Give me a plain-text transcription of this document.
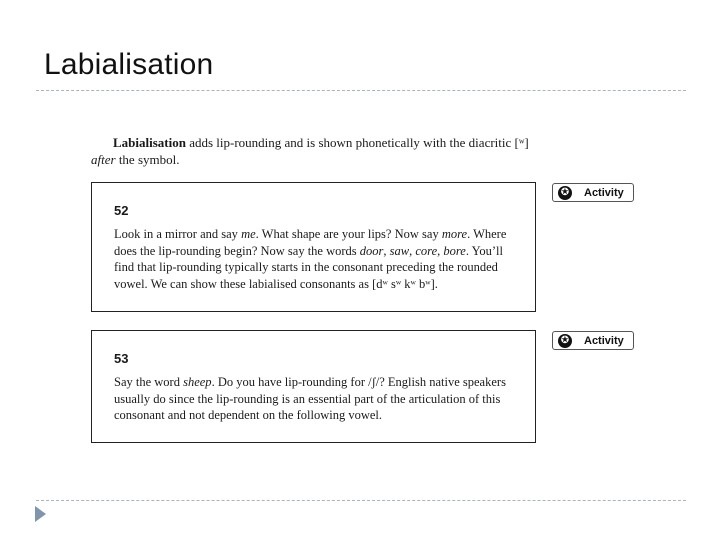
Labialisation
Labialisation adds lip-rounding and is shown phonetically with the diacritic [ʷ]
after the symbol.
52

Look in a mirror and say me. What shape are your lips? Now say more. Where does the lip-rounding begin? Now say the words door, saw, core, bore. You’ll find that lip-rounding typically starts in the consonant preceding the rounded vowel. We can show these labialised consonants as [dʷ sʷ kʷ bʷ].

✪ Activity
53

Say the word sheep. Do you have lip-rounding for /ʃ/? English native speakers usually do since the lip-rounding is an essential part of the articulation of this consonant and not dependent on the following vowel.

✪ Activity
